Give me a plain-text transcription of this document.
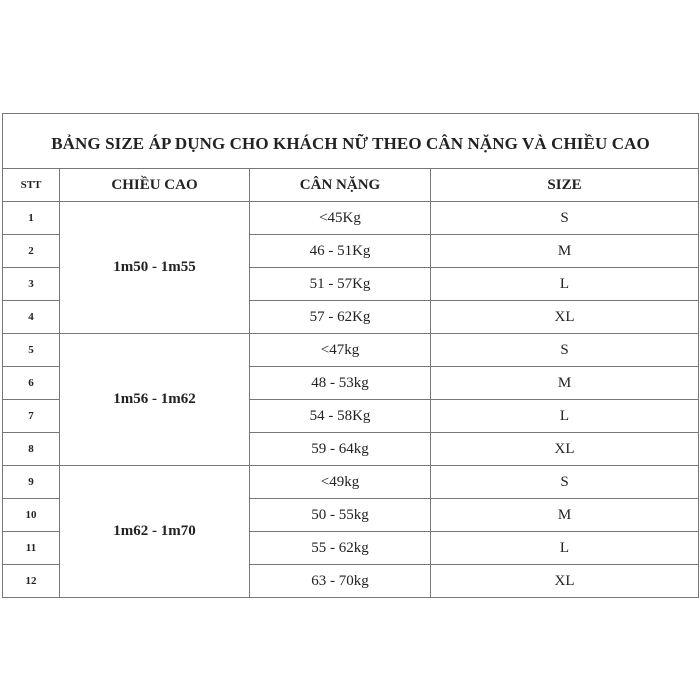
BẢNG SIZE ÁP DỤNG CHO KHÁCH NỮ THEO CÂN NẶNG VÀ CHIỀU CAO			
STT	CHIỀU CAO	CÂN NẶNG	SIZE
1	1m50 - 1m55	<45Kg	S
2		46 - 51Kg	M
3		51 - 57Kg	L
4		57 - 62Kg	XL
5	1m56 - 1m62	<47kg	S
6		48 - 53kg	M
7		54 - 58Kg	L
8		59 - 64kg	XL
9	1m62 - 1m70	<49kg	S
10		50 - 55kg	M
11		55 - 62kg	L
12		63 - 70kg	XL
